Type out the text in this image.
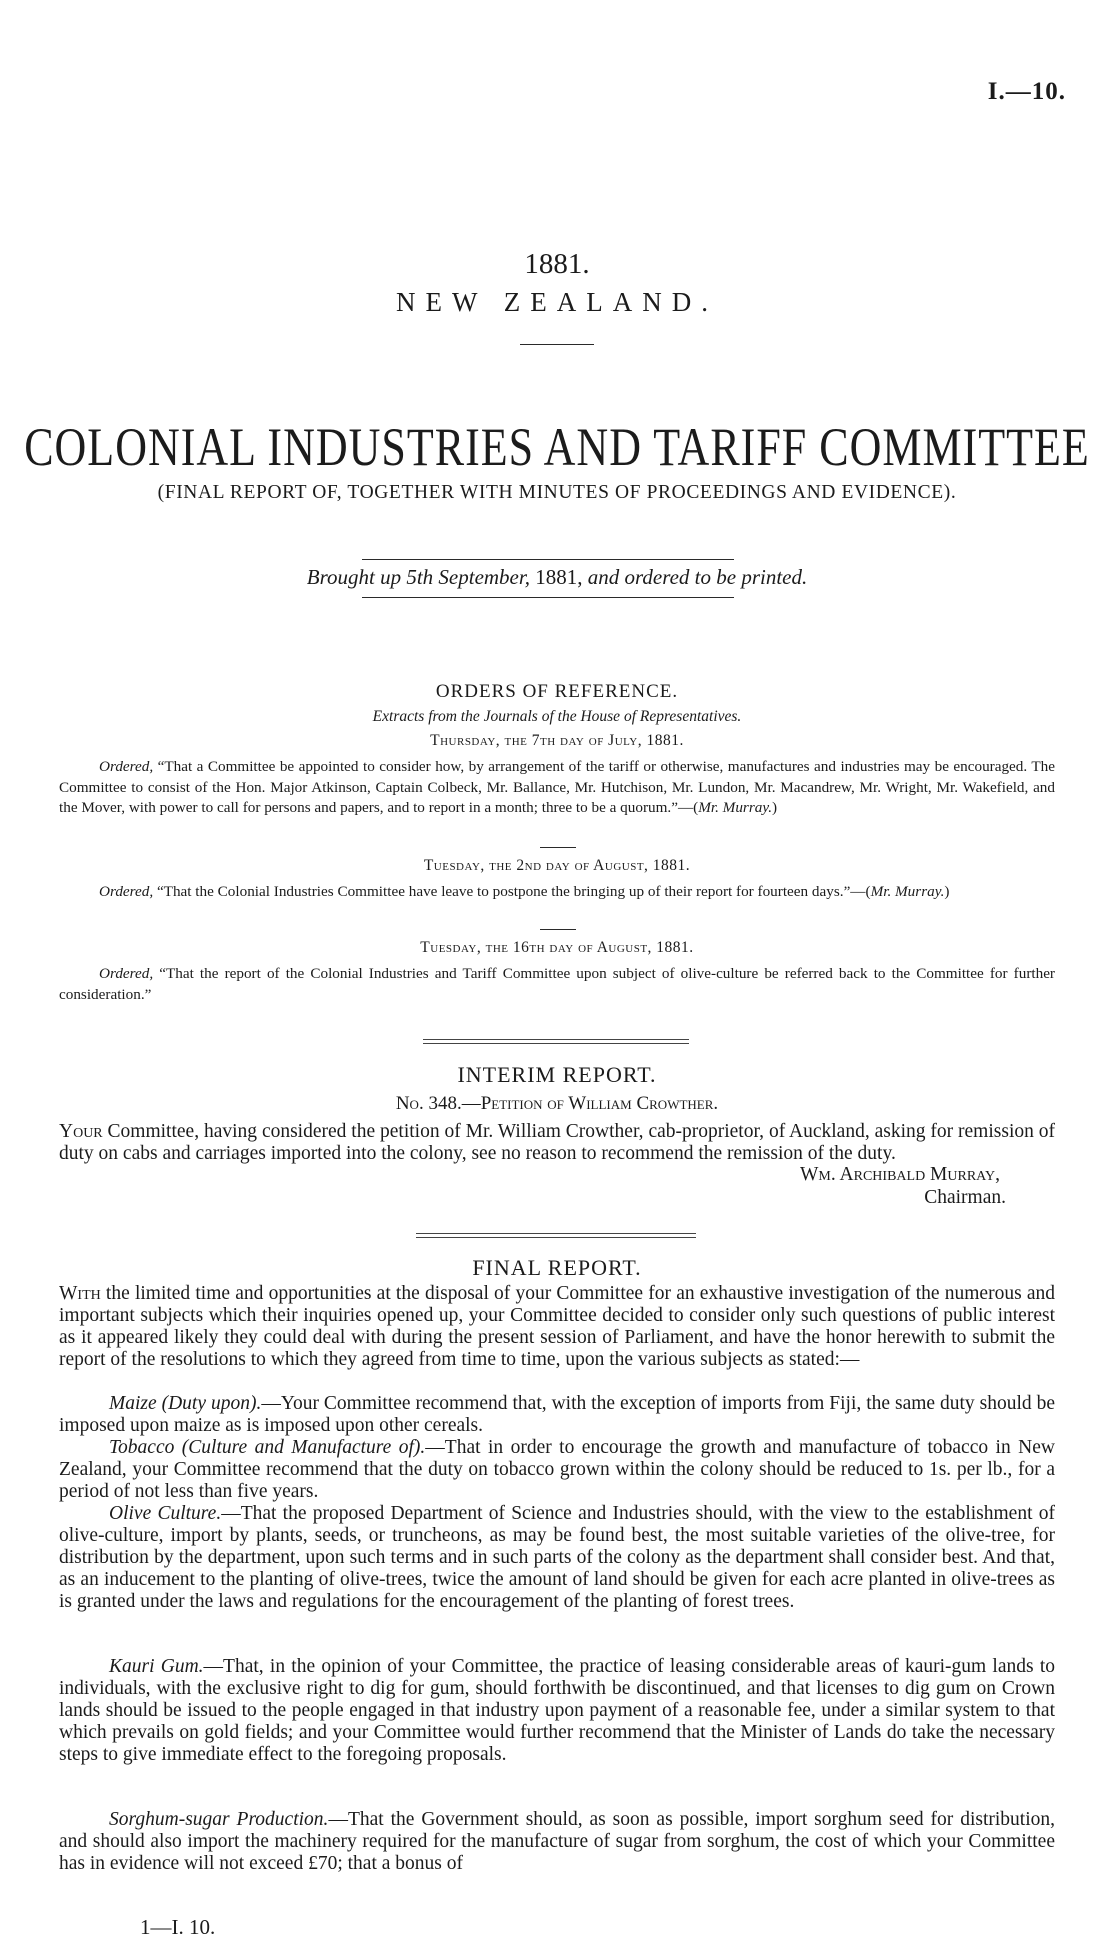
I.—10.
1881.
NEW ZEALAND.
COLONIAL INDUSTRIES AND TARIFF COMMITTEE
(FINAL REPORT OF, TOGETHER WITH MINUTES OF PROCEEDINGS AND EVIDENCE).
Brought up 5th September, 1881, and ordered to be printed.
ORDERS OF REFERENCE.
Extracts from the Journals of the House of Representatives.
Thursday, the 7th day of July, 1881.

Ordered, “That a Committee be appointed to consider how, by arrangement of the tariff or otherwise, manufactures and industries may be encouraged. The Committee to consist of the Hon. Major Atkinson, Captain Colbeck, Mr. Ballance, Mr. Hutchison, Mr. Lundon, Mr. Macandrew, Mr. Wright, Mr. Wakefield, and the Mover, with power to call for persons and papers, and to report in a month; three to be a quorum.”—(Mr. Murray.)

Tuesday, the 2nd day of August, 1881.

Ordered, “That the Colonial Industries Committee have leave to postpone the bringing up of their report for fourteen days.”—(Mr. Murray.)

Tuesday, the 16th day of August, 1881.

Ordered, “That the report of the Colonial Industries and Tariff Committee upon subject of olive-culture be referred back to the Committee for further consideration.”

INTERIM REPORT.
No. 348.—Petition of William Crowther.

Your Committee, having considered the petition of Mr. William Crowther, cab-proprietor, of Auckland, asking for remission of duty on cabs and carriages imported into the colony, see no reason to recommend the remission of the duty.

Wm. Archibald Murray,
Chairman.
FINAL REPORT.

With the limited time and opportunities at the disposal of your Committee for an exhaustive investigation of the numerous and important subjects which their inquiries opened up, your Committee decided to consider only such questions of public interest as it appeared likely they could deal with during the present session of Parliament, and have the honor herewith to submit the report of the resolutions to which they agreed from time to time, upon the various subjects as stated:—

Maize (Duty upon).—Your Committee recommend that, with the exception of imports from Fiji, the same duty should be imposed upon maize as is imposed upon other cereals.

Tobacco (Culture and Manufacture of).—That in order to encourage the growth and manufacture of tobacco in New Zealand, your Committee recommend that the duty on tobacco grown within the colony should be reduced to 1s. per lb., for a period of not less than five years.

Olive Culture.—That the proposed Department of Science and Industries should, with the view to the establishment of olive-culture, import by plants, seeds, or truncheons, as may be found best, the most suitable varieties of the olive-tree, for distribution by the department, upon such terms and in such parts of the colony as the department shall consider best. And that, as an inducement to the planting of olive-trees, twice the amount of land should be given for each acre planted in olive-trees as is granted under the laws and regulations for the encouragement of the planting of forest trees.

Kauri Gum.—That, in the opinion of your Committee, the practice of leasing considerable areas of kauri-gum lands to individuals, with the exclusive right to dig for gum, should forthwith be discontinued, and that licenses to dig gum on Crown lands should be issued to the people engaged in that industry upon payment of a reasonable fee, under a similar system to that which prevails on gold fields; and your Committee would further recommend that the Minister of Lands do take the necessary steps to give immediate effect to the foregoing proposals.

Sorghum-sugar Production.—That the Government should, as soon as possible, import sorghum seed for distribution, and should also import the machinery required for the manufacture of sugar from sorghum, the cost of which your Committee has in evidence will not exceed £70; that a bonus of

1—I. 10.
